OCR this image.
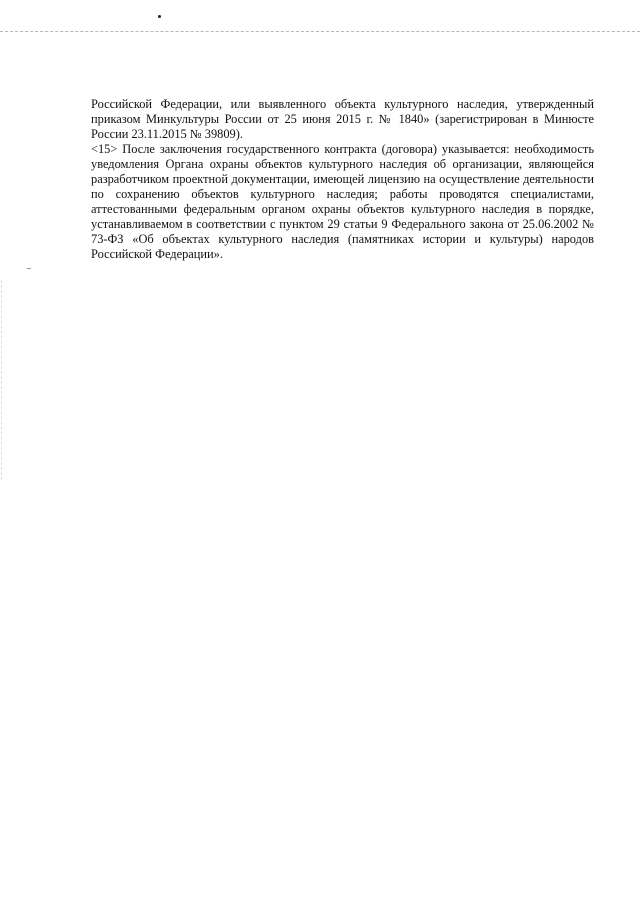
Российской Федерации, или выявленного объекта культурного наследия, утвержденный приказом Минкультуры России от 25 июня 2015 г. № 1840» (зарегистрирован в Минюсте России 23.11.2015 № 39809).

<15> После заключения государственного контракта (договора) указывается: необходимость уведомления Органа охраны объектов культурного наследия об организации, являющейся разработчиком проектной документации, имеющей лицензию на осуществление деятельности по сохранению объектов культурного наследия; работы проводятся специалистами, аттестованными федеральным органом охраны объектов культурного наследия в порядке, устанавливаемом в соответствии с пунктом 29 статьи 9 Федерального закона от 25.06.2002 № 73-ФЗ «Об объектах культурного наследия (памятниках истории и культуры) народов Российской Федерации».
